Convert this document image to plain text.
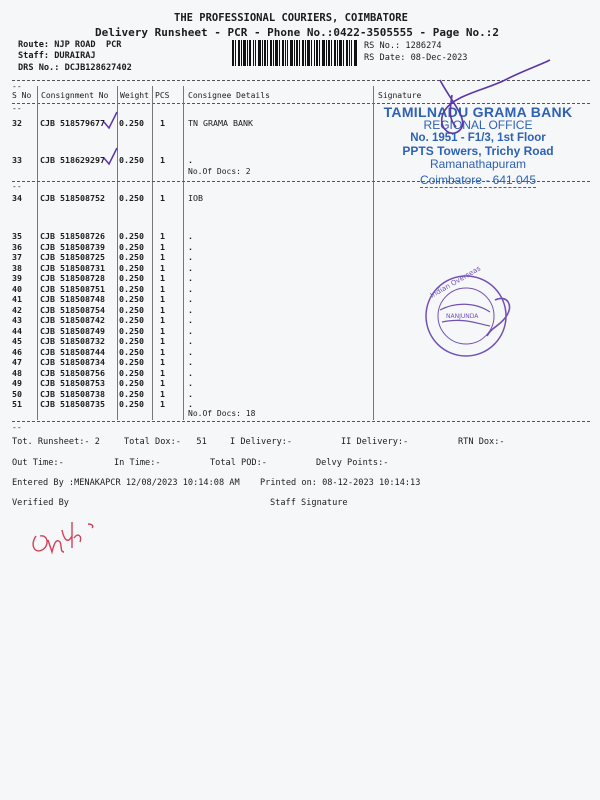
THE PROFESSIONAL COURIERS, COIMBATORE
Delivery Runsheet - PCR - Phone No.:0422-3505555 - Page No.:2
Route: NJP ROAD  PCR
Staff: DURAIRAJ
DRS No.: DCJB128627402
RS No.: 1286274
RS Date: 08-Dec-2023
--
S No Consignment No Weight PCS Consignee Details	Signature
--
32 CJB 518579677 0.250 1	TN GRAMA BANK
33 CJB 518629297 0.250 1	.
No.Of Docs: 2
--
34 CJB 518508752 0.250 1	IOB
35 CJB 518508726 0.250 1	.
36 CJB 518508739 0.250 1	.
37 CJB 518508725 0.250 1	.
38 CJB 518508731 0.250 1	.
39 CJB 518508728 0.250 1	.
40 CJB 518508751 0.250 1	.
41 CJB 518508748 0.250 1	.
42 CJB 518508754 0.250 1	.
43 CJB 518508742 0.250 1	.
44 CJB 518508749 0.250 1	.
45 CJB 518508732 0.250 1	.
46 CJB 518508744 0.250 1	.
47 CJB 518508734 0.250 1	.
48 CJB 518508756 0.250 1	.
49 CJB 518508753 0.250 1	.
50 CJB 518508738 0.250 1	.
51 CJB 518508735 0.250 1	.
No.Of Docs: 18
--
Tot. Runsheet:- 2	Total Dox:-   51	I Delivery:-	II Delivery:-	RTN Dox:-
Out Time:-	In Time:-	Total POD:-	Delvy Points:-
Entered By :MENAKAPCR 12/08/2023 10:14:08 AM Printed on: 08-12-2023 10:14:13
Verified By	Staff Signature
TAMILNADU GRAMA BANK
REGIONAL OFFICE
No. 1951 - F1/3, 1st Floor
PPTS Towers, Trichy Road
Ramanathapuram
Coimbatore - 641 045
Indian Overseas
NANJUNDA
